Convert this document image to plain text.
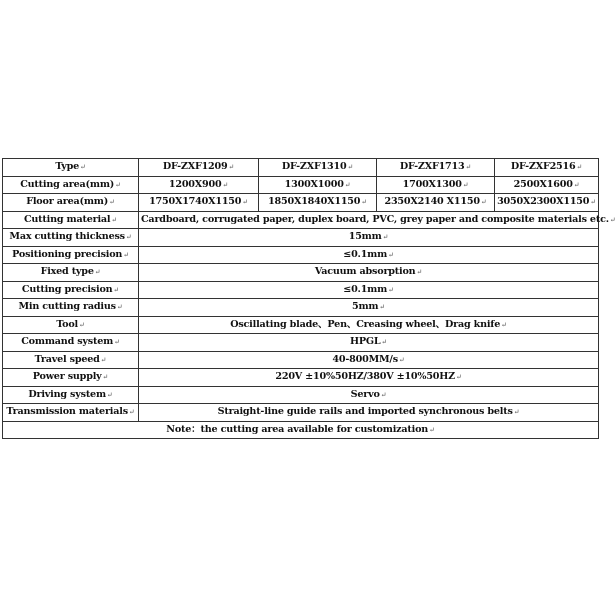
Type↵	DF-ZXF1209↵	DF-ZXF1310↵	DF-ZXF1713↵	DF-ZXF2516↵
Cutting area(mm)↵	1200X900↵	1300X1000↵	1700X1300↵	2500X1600↵
Floor area(mm)↵	1750X1740X1150↵	1850X1840X1150↵	2350X2140 X1150↵	3050X2300X1150↵
Cutting material↵	Cardboard, corrugated paper, duplex board, PVC, grey paper and composite materials etc.↵			
Max cutting thickness↵	15mm↵			
Positioning precision↵	≤0.1mm↵			
Fixed type↵	Vacuum absorption↵			
Cutting precision↵	≤0.1mm↵			
Min cutting radius↵	5mm↵			
Tool↵	Oscillating blade、Pen、Creasing wheel、Drag knife↵			
Command system↵	HPGL↵			
Travel speed↵	40-800MM/s↵			
Power supply↵	220V ±10%50HZ/380V ±10%50HZ↵			
Driving system↵	Servo↵			
Transmission materials↵	Straight-line guide rails and imported synchronous belts↵			
Note：the cutting area available for customization↵				
